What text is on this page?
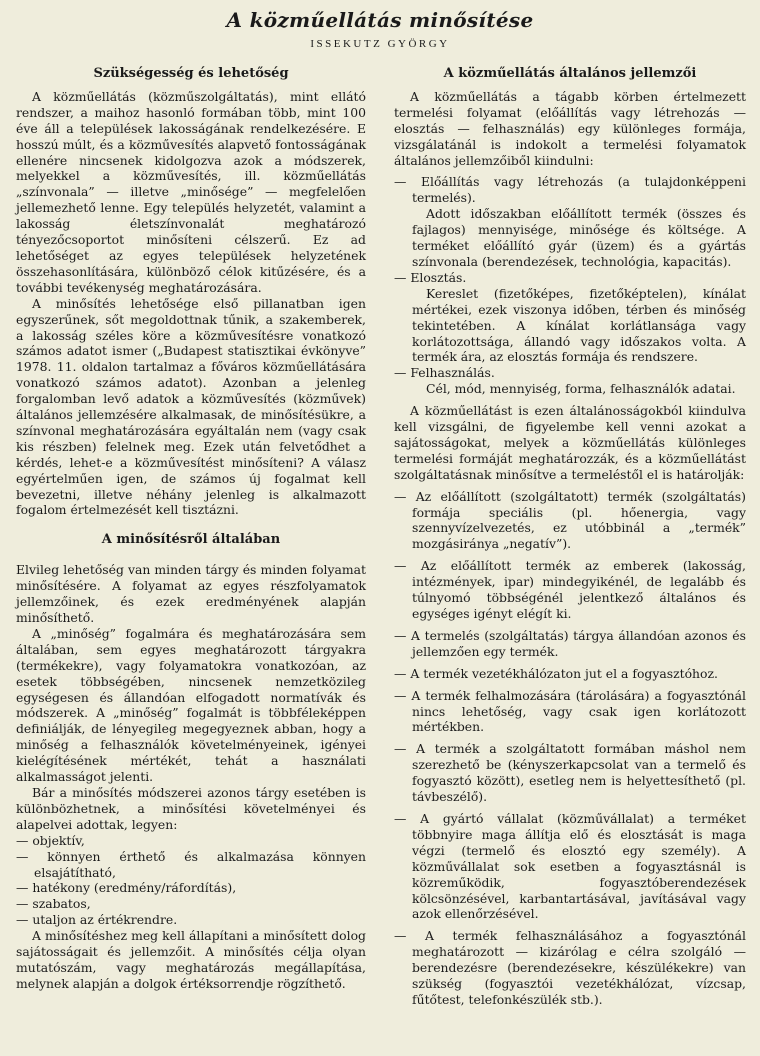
A közműellátás minősítése
ISSEKUTZ GYÖRGY
Szükségesség és lehetőség

A közműellátás (közműszolgáltatás), mint ellátó rendszer, a maihoz hasonló formában több, mint 100 éve áll a települések lakosságának rendelkezésére. E hosszú múlt, és a közművesítés alapvető fontosságának ellenére nincsenek kidolgozva azok a módszerek, melyekkel a közművesítés, ill. közműellátás „színvonala” — illetve „minősége” — megfelelően jellemezhető lenne. Egy település helyzetét, valamint a lakosság életszínvonalát meghatározó tényezőcsoportot minősíteni célszerű. Ez ad lehetőséget az egyes települések helyzetének összehasonlítására, különböző célok kitűzésére, és a további tevékenység meghatározására.

A minősítés lehetősége első pillanatban igen egyszerűnek, sőt megoldottnak tűnik, a szakemberek, a lakosság széles köre a közművesítésre vonatkozó számos adatot ismer („Budapest statisztikai évkönyve” 1978. 11. oldalon tartalmaz a főváros közműellátására vonatkozó számos adatot). Azonban a jelenleg forgalomban levő adatok a közművesítés (közművek) általános jellemzésére alkalmasak, de minősítésükre, a színvonal meghatározására egyáltalán nem (vagy csak kis részben) felelnek meg. Ezek után felvetődhet a kérdés, lehet-e a közművesítést minősíteni? A válasz egyértelműen igen, de számos új fogalmat kell bevezetni, illetve néhány jelenleg is alkalmazott fogalom értelmezését kell tisztázni.

A minősítésről általában

Elvileg lehetőség van minden tárgy és minden folyamat minősítésére. A folyamat az egyes részfolyamatok jellemzőinek, és ezek eredményének alapján minősíthető.

A „minőség” fogalmára és meghatározására sem általában, sem egyes meghatározott tárgyakra (termékekre), vagy folyamatokra vonatkozóan, az esetek többségében, nincsenek nemzetközileg egységesen és állandóan elfogadott normatívák és módszerek. A „minőség” fogalmát is többféleképpen definiálják, de lényegileg megegyeznek abban, hogy a minőség a felhasználók követelményeinek, igényei kielégítésének mértékét, tehát a használati alkalmasságot jelenti.

Bár a minősítés módszerei azonos tárgy esetében is különbözhetnek, a minősítési követelményei és alapelvei adottak, legyen:

— objektív,

— könnyen érthető és alkalmazása könnyen elsajátítható,

— hatékony (eredmény/ráfordítás),

— szabatos,

— utaljon az értékrendre.

A minősítéshez meg kell állapítani a minősített dolog sajátosságait és jellemzőit. A minősítés célja olyan mutatószám, vagy meghatározás megállapítása, melynek alapján a dolgok értéksorrendje rögzíthető.

A közműellátás általános jellemzői

A közműellátás a tágabb körben értelmezett termelési folyamat (előállítás vagy létrehozás — elosztás — felhasználás) egy különleges formája, vizsgálatánál is indokolt a termelési folyamatok általános jellemzőiből kiindulni:

— Előállítás vagy létrehozás (a tulajdonképpeni termelés).

Adott időszakban előállított termék (összes és fajlagos) mennyisége, minősége és költsége. A terméket előállító gyár (üzem) és a gyártás színvonala (berendezések, technológia, kapacitás).

— Elosztás.

Kereslet (fizetőképes, fizetőképtelen), kínálat mértékei, ezek viszonya időben, térben és minőség tekintetében. A kínálat korlátlansága vagy korlátozottsága, állandó vagy időszakos volta. A termék ára, az elosztás formája és rendszere.

— Felhasználás.

Cél, mód, mennyiség, forma, felhasználók adatai.

A közműellátást is ezen általánosságokból kiindulva kell vizsgálni, de figyelembe kell venni azokat a sajátosságokat, melyek a közműellátás különleges termelési formáját meghatározzák, és a közműellátást szolgáltatásnak minősítve a termeléstől el is határolják:

— Az előállított (szolgáltatott) termék (szolgáltatás) formája speciális (pl. hőenergia, vagy szennyvízelvezetés, ez utóbbinál a „termék” mozgásiránya „negatív”).

— Az előállított termék az emberek (lakosság, intézmények, ipar) mindegyikénél, de legalább és túlnyomó többségénél jelentkező általános és egységes igényt elégít ki.

— A termelés (szolgáltatás) tárgya állandóan azonos és jellemzően egy termék.

— A termék vezetékhálózaton jut el a fogyasztóhoz.

— A termék felhalmozására (tárolására) a fogyasztónál nincs lehetőség, vagy csak igen korlátozott mértékben.

— A termék a szolgáltatott formában máshol nem szerezhető be (kényszerkapcsolat van a termelő és fogyasztó között), esetleg nem is helyettesíthető (pl. távbeszélő).

— A gyártó vállalat (közművállalat) a terméket többnyire maga állítja elő és elosztását is maga végzi (termelő és elosztó egy személy). A közművállalat sok esetben a fogyasztásnál is közreműködik, fogyasztóberendezések kölcsönzésével, karbantartásával, javításával vagy azok ellenőrzésével.

— A termék felhasználásához a fogyasztónál meghatározott — kizárólag e célra szolgáló — berendezésre (berendezésekre, készülékekre) van szükség (fogyasztói vezetékhálózat, vízcsap, fűtőtest, telefonkészülék stb.).
